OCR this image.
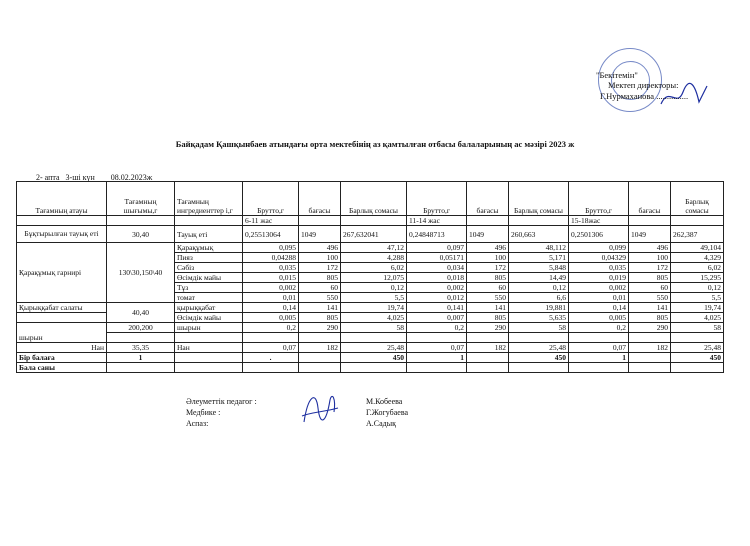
"Бекітемін"
Мектеп директоры:
Г.Нурмаханова ...............
Байқадам Қашқынбаев атындағы орта мектебінің аз қамтылған отбасы балаларының ас мәзірі 2023 ж
2- апта 3-ші күн 08.02.2023ж
Тағамның атауы	Тағамның шығымы,г	Тағамның ингредиенттер і,г	Брутто,г	бағасы	Барлық сомасы	Брутто,г	бағасы	Барлық сомасы	Брутто,г	бағасы	Барлық сомасы
			6-11 жас			11-14 жас			15-18жас		
Бұқтырылған тауық еті	30,40	Тауық еті	0,25513064	1049	267,632041	0,24848713	1049	260,663	0,2501306	1049	262,387
Қарақұмық гарнирі	130\30,150\40	Қарақұмық	0,095	496	47,12	0,097	496	48,112	0,099	496	49,104
		Пияз	0,04288	100	4,288	0,05171	100	5,171	0,04329	100	4,329
		Сәбіз	0,035	172	6,02	0,034	172	5,848	0,035	172	6,02
		Өсімдік майы	0,015	805	12,075	0,018	805	14,49	0,019	805	15,295
		Тұз	0,002	60	0,12	0,002	60	0,12	0,002	60	0,12
		томат	0,01	550	5,5	0,012	550	6,6	0,01	550	5,5
Қырыққабат салаты	40,40	қырыққабат	0,14	141	19,74	0,141	141	19,881	0,14	141	19,74
		Өсімдік майы	0,005	805	4,025	0,007	805	5,635	0,005	805	4,025
шырын	200,200	шырын	0,2	290	58	0,2	290	58	0,2	290	58

Нан	35,35	Нан	0,07	182	25,48	0,07	182	25,48	0,07	182	25,48
Бір балаға	1		.		450	1		450	1		450
Бала саны											
Әлеуметтік педагог :	М.Кобеева
Медбике :	Г.Жогубаева
Аспаз:	А.Садық
